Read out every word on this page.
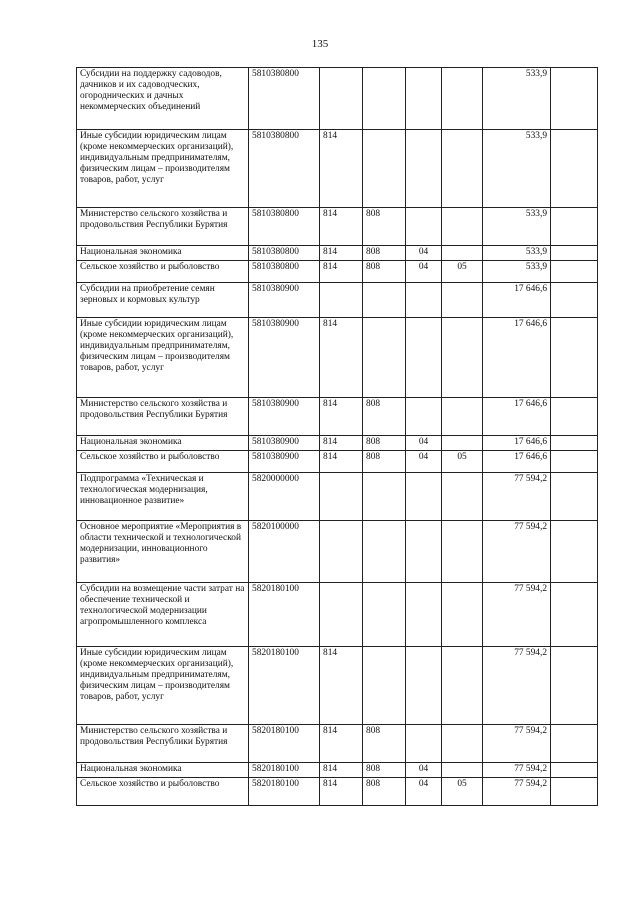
135
Субсидии на поддержку садоводов, дачников и их садоводческих, огороднических и дачных некоммерческих объединений	5810380800					533,9	
Иные субсидии юридическим лицам (кроме некоммерческих организаций), индивидуальным предпринимателям, физическим лицам – производителям товаров, работ, услуг	5810380800	814				533,9	
Министерство сельского хозяйства и продовольствия Республики Бурятия	5810380800	814	808			533,9	
Национальная экономика	5810380800	814	808	04		533,9	
Сельское хозяйство и рыболовство	5810380800	814	808	04	05	533,9	
Субсидии на приобретение семян зерновых и кормовых культур	5810380900					17 646,6	
Иные субсидии юридическим лицам (кроме некоммерческих организаций), индивидуальным предпринимателям, физическим лицам – производителям товаров, работ, услуг	5810380900	814				17 646,6	
Министерство сельского хозяйства и продовольствия Республики Бурятия	5810380900	814	808			17 646,6	
Национальная экономика	5810380900	814	808	04		17 646,6	
Сельское хозяйство и рыболовство	5810380900	814	808	04	05	17 646,6	
Подпрограмма «Техническая и технологическая модернизация, инновационное развитие»	5820000000					77 594,2	
Основное мероприятие «Мероприятия в области технической и технологической модернизации, инновационного развития»	5820100000					77 594,2	
Субсидии на возмещение части затрат на обеспечение технической и технологической модернизации агропромышленного комплекса	5820180100					77 594,2	
Иные субсидии юридическим лицам (кроме некоммерческих организаций), индивидуальным предпринимателям, физическим лицам – производителям товаров, работ, услуг	5820180100	814				77 594,2	
Министерство сельского хозяйства и продовольствия Республики Бурятия	5820180100	814	808			77 594,2	
Национальная экономика	5820180100	814	808	04		77 594,2	
Сельское хозяйство и рыболовство	5820180100	814	808	04	05	77 594,2	
